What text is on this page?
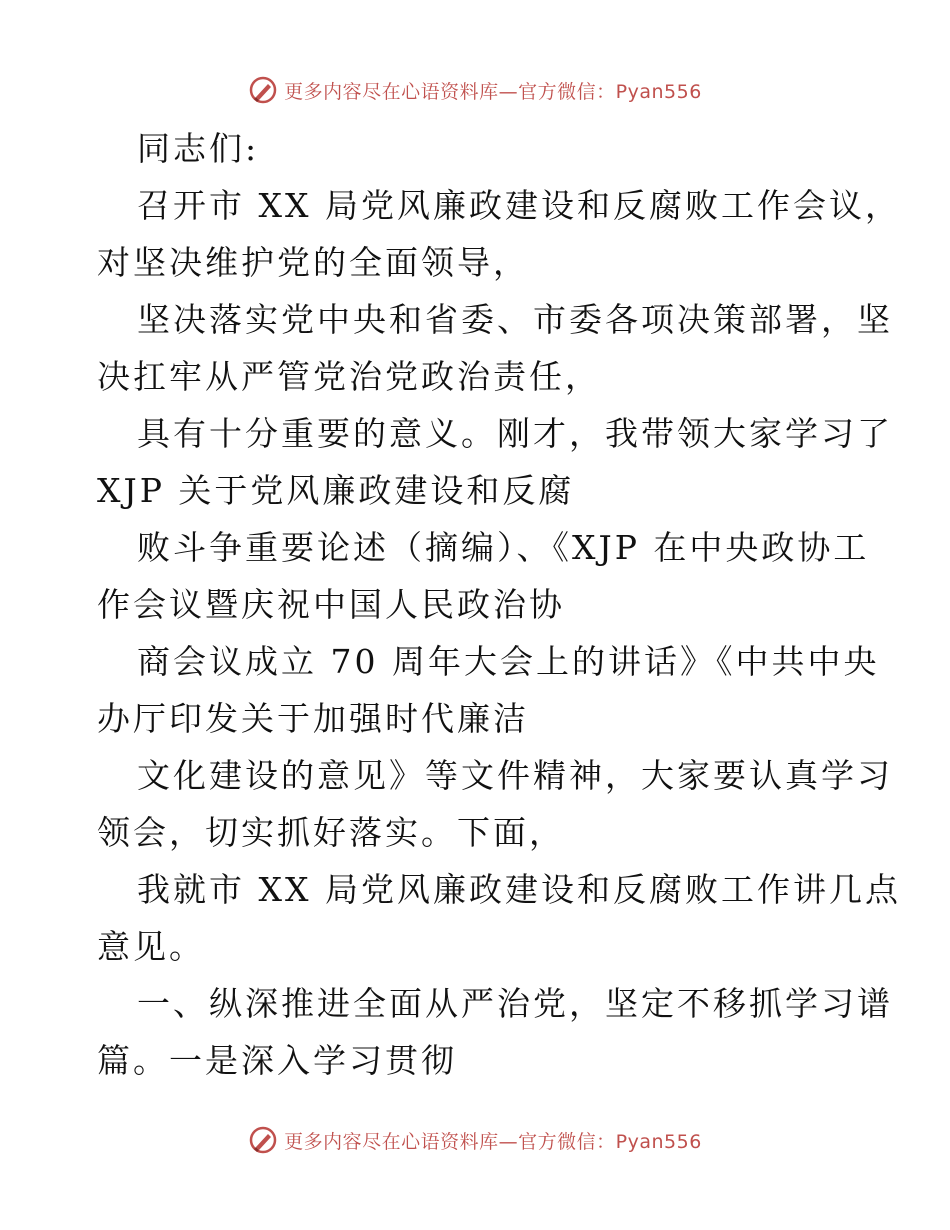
更多内容尽在心语资料库—官方微信：Pyan556

同志们:

召开市 XX 局党风廉政建设和反腐败工作会议，
对坚决维护党的全面领导，

坚决落实党中央和省委、市委各项决策部署，坚
决扛牢从严管党治党政治责任，

具有十分重要的意义。刚才，我带领大家学习了
XJP 关于党风廉政建设和反腐

败斗争重要论述（摘编）、《XJP 在中央政协工
作会议暨庆祝中国人民政治协

商会议成立 70 周年大会上的讲话》《中共中央
办厅印发关于加强时代廉洁

文化建设的意见》等文件精神，大家要认真学习
领会，切实抓好落实。下面，

我就市 XX 局党风廉政建设和反腐败工作讲几点
意见。

一、纵深推进全面从严治党，坚定不移抓学习谱
篇。一是深入学习贯彻

更多内容尽在心语资料库—官方微信：Pyan556
